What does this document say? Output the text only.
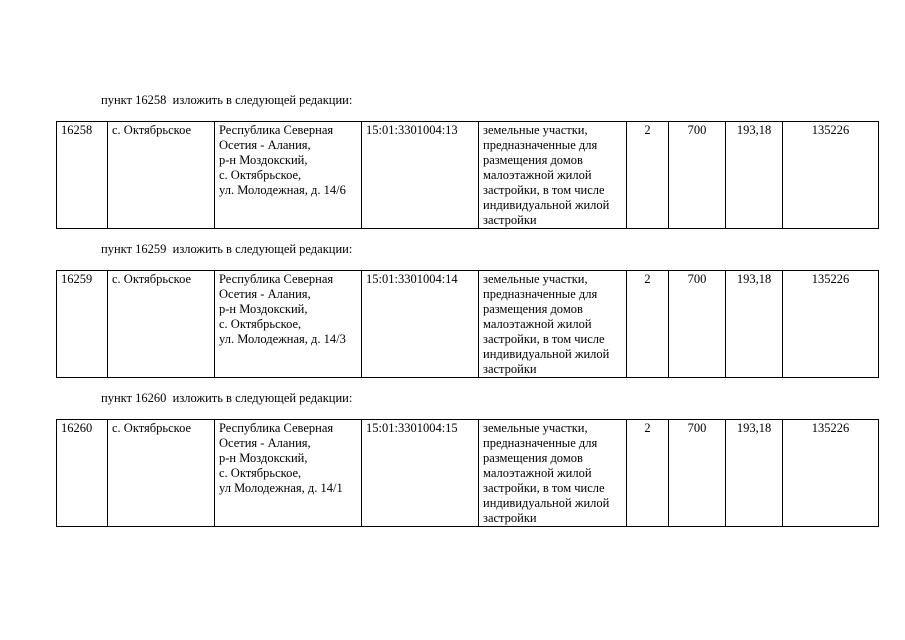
пункт 16258  изложить в следующей редакции:
16258	с. Октябрьское	Республика Северная
Осетия - Алания,
р-н Моздокский,
с. Октябрьское,
ул. Молодежная, д. 14/6	15:01:3301004:13	земельные участки,
предназначенные для
размещения домов
малоэтажной жилой
застройки, в том числе
индивидуальной жилой
застройки	2	700	193,18	135226
пункт 16259  изложить в следующей редакции:
16259	с. Октябрьское	Республика Северная
Осетия - Алания,
р-н Моздокский,
с. Октябрьское,
ул. Молодежная, д. 14/3	15:01:3301004:14	земельные участки,
предназначенные для
размещения домов
малоэтажной жилой
застройки, в том числе
индивидуальной жилой
застройки	2	700	193,18	135226
пункт 16260  изложить в следующей редакции:
16260	с. Октябрьское	Республика Северная
Осетия - Алания,
р-н Моздокский,
с. Октябрьское,
ул Молодежная, д. 14/1	15:01:3301004:15	земельные участки,
предназначенные для
размещения домов
малоэтажной жилой
застройки, в том числе
индивидуальной жилой
застройки	2	700	193,18	135226
